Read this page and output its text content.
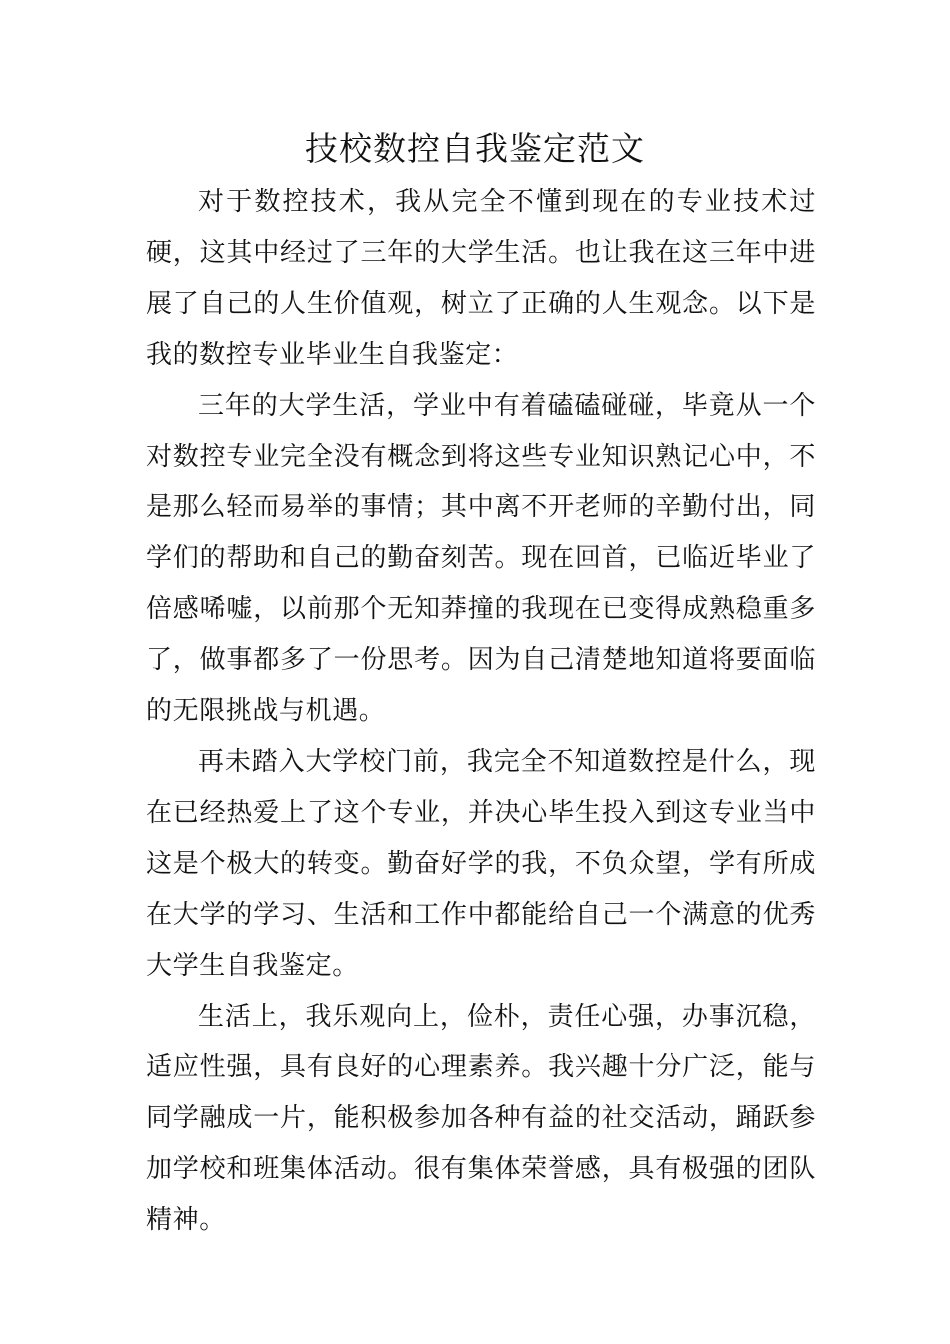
技校数控自我鉴定范文

对于数控技术，我从完全不懂到现在的专业技术过硬，这其中经过了三年的大学生活。也让我在这三年中进展了自己的人生价值观，树立了正确的人生观念。以下是我的数控专业毕业生自我鉴定：

三年的大学生活，学业中有着磕磕碰碰，毕竟从一个对数控专业完全没有概念到将这些专业知识熟记心中，不是那么轻而易举的事情；其中离不开老师的辛勤付出，同学们的帮助和自己的勤奋刻苦。现在回首，已临近毕业了倍感唏嘘，以前那个无知莽撞的我现在已变得成熟稳重多了，做事都多了一份思考。因为自己清楚地知道将要面临的无限挑战与机遇。

再未踏入大学校门前，我完全不知道数控是什么，现在已经热爱上了这个专业，并决心毕生投入到这专业当中这是个极大的转变。勤奋好学的我，不负众望，学有所成在大学的学习、生活和工作中都能给自己一个满意的优秀大学生自我鉴定。

生活上，我乐观向上，俭朴，责任心强，办事沉稳，适应性强，具有良好的心理素养。我兴趣十分广泛，能与同学融成一片，能积极参加各种有益的社交活动，踊跃参加学校和班集体活动。很有集体荣誉感，具有极强的团队精神。
